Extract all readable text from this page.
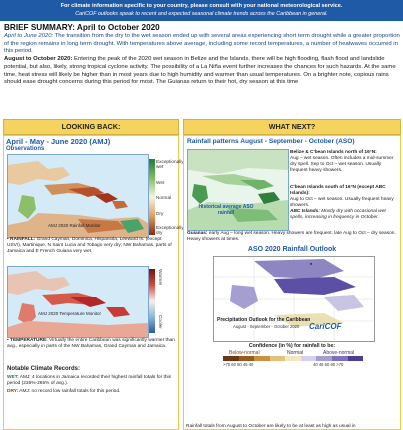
For climate information specific to your country, please consult with your national meteorological service.
CariCOF outlooks speak to recent and expected seasonal climate trends across the Caribbean in general.
BRIEF SUMMARY: April to October 2020

April to June 2020: The transition from the dry to the wet season ended up with several areas experiencing short term drought while a greater proportion of the region remains in long term drought. With temperatures above average, including some record temperatures, a number of heatwaves occurred in this period.

August to October 2020: Entering the peak of the 2020 wet season in Belize and the Islands, there will be high flooding, flash flood and landslide potential, but also, likely, strong tropical cyclone activity. The possibility of a La Niña event further increases the chances for such hazards. At the same time, heat stress will likely be higher than in most years due to high humidity and warmer than usual temperatures. On a brighter note, copious rains should ease drought concerns during this period for most. The Guianas return to their hot, dry season at this time

LOOKING BACK:
April - May - June 2020 (AMJ)
Observations
AMJ 2020 Rainfall Monitor
Exceptionally wet
Wet
Normal
Dry
Exceptionally dry
• RAINFALL: Grand Cayman, Dominica, Hispaniola, Leeward Is. (except USVI), Martinique, N Saint Lucia and Tobago very dry; NW Bahamas, parts of Jamaica and E French Guiana very wet.
AMJ 2020 Temperature Monitor
Warmer
Cooler
• TEMPERATURE: Virtually the entire Caribbean was significantly warmer than avg., especially in parts of the NW Bahamas, Grand Cayman and Jamaica.
Notable Climate Records:
WET: AMJ: 4 locations in Jamaica recorded their highest rainfall totals for this period (235%-265% of avg.).
DRY: AMJ: no record low rainfall totals for this period.
WHAT NEXT?
Rainfall patterns August - September - October (ASO)
Historical average ASO rainfall
Belize & C'bean Islands north of 16°N:
Aug – wet season. Often includes a mid-summer dry spell. Sep to Oct – wet season. Usually frequent heavy showers.
C'bean Islands south of 16°N (except ABC Islands):
Aug to Oct – wet season. Usually frequent heavy showers.
ABC Islands: Mostly dry with occasional wet spells, increasing in frequency in October.
Guianas: early Aug – long wet season. Heavy showers are frequent. late Aug to Oct – dry season. Heavy showers at times.
ASO 2020 Rainfall Outlook
■
Precipitation Outlook for the Caribbean
August - September - October 2020 CariCOF
Confidence (in %) for rainfall to be:
Below-normal	Normal	Above-normal
>70 60 50 45 40	40 45 50 60 >70
Rainfall totals from August to October are likely to be at least as high as usual in
